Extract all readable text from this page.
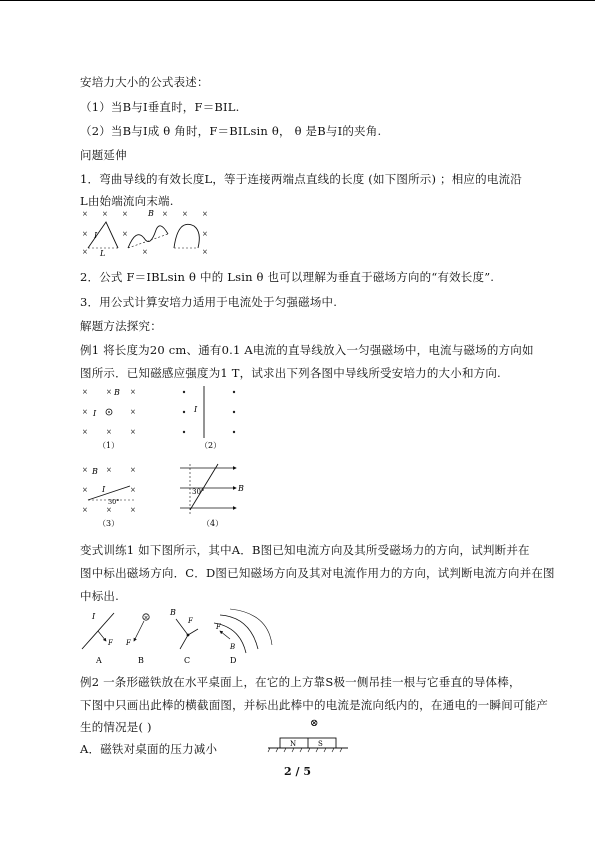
安培力大小的公式表述：
（1）当B与I垂直时，F＝BIL.
（2）当B与I成 θ 角时，F＝BILsin θ， θ 是B与I的夹角.
问题延伸
1．弯曲导线的有效长度L，等于连接两端点直线的长度 (如下图所示) ；相应的电流沿
L由始端流向末端.
× × ×	× × ×
×	×	×
×	×	×
B
I
L
2．公式 F＝IBLsin θ 中的 Lsin θ 也可以理解为垂直于磁场方向的“有效长度”.
3．用公式计算安培力适用于电流处于匀强磁场中.
解题方法探究：
例1 将长度为20 cm、通有0.1 A电流的直导线放入一匀强磁场中，电流与磁场的方向如
图所示．已知磁感应强度为1 T，试求出下列各图中导线所受安培力的大小和方向.
×	×	×
×	×
×	×	×
B
I
（1）
I
（2）
×	×	×
×	×
×	×	×
B
I
30°
（3）
30°	B
（4）
变式训练1 如下图所示，其中A．B图已知电流方向及其所受磁场力的方向，试判断并在
图中标出磁场方向．C．D图已知磁场方向及其对电流作用力的方向，试判断电流方向并在图
中标出.
I
F
A
×
F
B
B
F
C
F
B
D
例2 一条形磁铁放在水平桌面上，在它的上方靠S极一侧吊挂一根与它垂直的导体棒，
下图中只画出此棒的横截面图，并标出此棒中的电流是流向纸内的，在通电的一瞬间可能产
生的情况是( )
A．磁铁对桌面的压力减小
⊗
N	S
2 / 5
